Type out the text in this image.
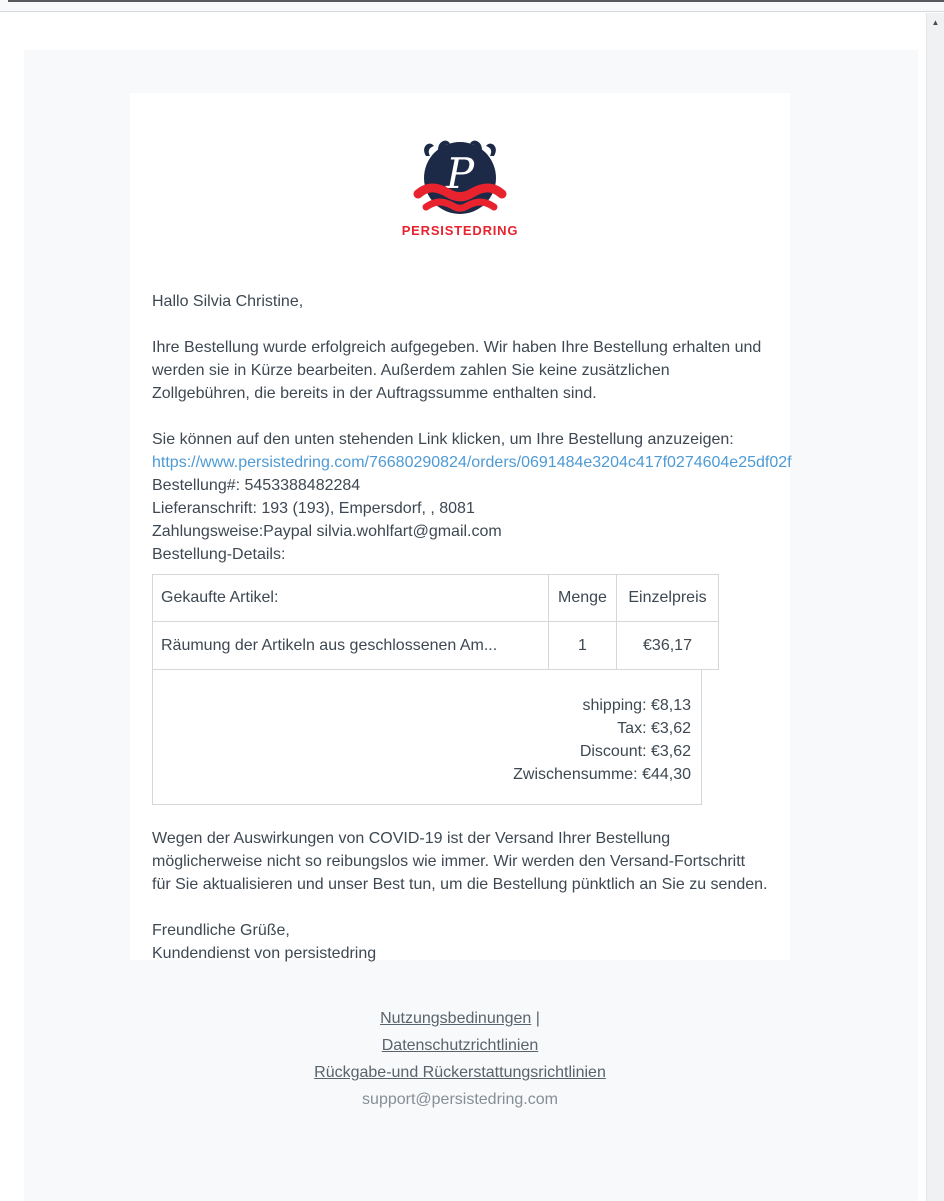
P
PERSISTEDRING

Hallo Silvia Christine,

Ihre Bestellung wurde erfolgreich aufgegeben. Wir haben Ihre Bestellung erhalten und werden sie in Kürze bearbeiten. Außerdem zahlen Sie keine zusätzlichen Zollgebühren, die bereits in der Auftragssumme enthalten sind.

Sie können auf den unten stehenden Link klicken, um Ihre Bestellung anzuzeigen:
https://www.persistedring.com/76680290824/orders/0691484e3204c417f0274604e25df02f
Bestellung#: 5453388482284
Lieferanschrift: 193 (193), Empersdorf, , 8081
Zahlungsweise:Paypal silvia.wohlfart@gmail.com
Bestellung-Details:
Gekaufte Artikel:	Menge	Einzelpreis
Räumung der Artikeln aus geschlossenen Am...	1	€36,17
shipping: €8,13
Tax: €3,62
Discount: €3,62
Zwischensumme: €44,30

Wegen der Auswirkungen von COVID-19 ist der Versand Ihrer Bestellung möglicherweise nicht so reibungslos wie immer. Wir werden den Versand-Fortschritt für Sie aktualisieren und unser Best tun, um die Bestellung pünktlich an Sie zu senden.

Freundliche Grüße,
Kundendienst von persistedring
Nutzungsbedinungen |
Datenschutzrichtlinien
Rückgabe-und Rückerstattungsrichtlinien
support@persistedring.com
▲
